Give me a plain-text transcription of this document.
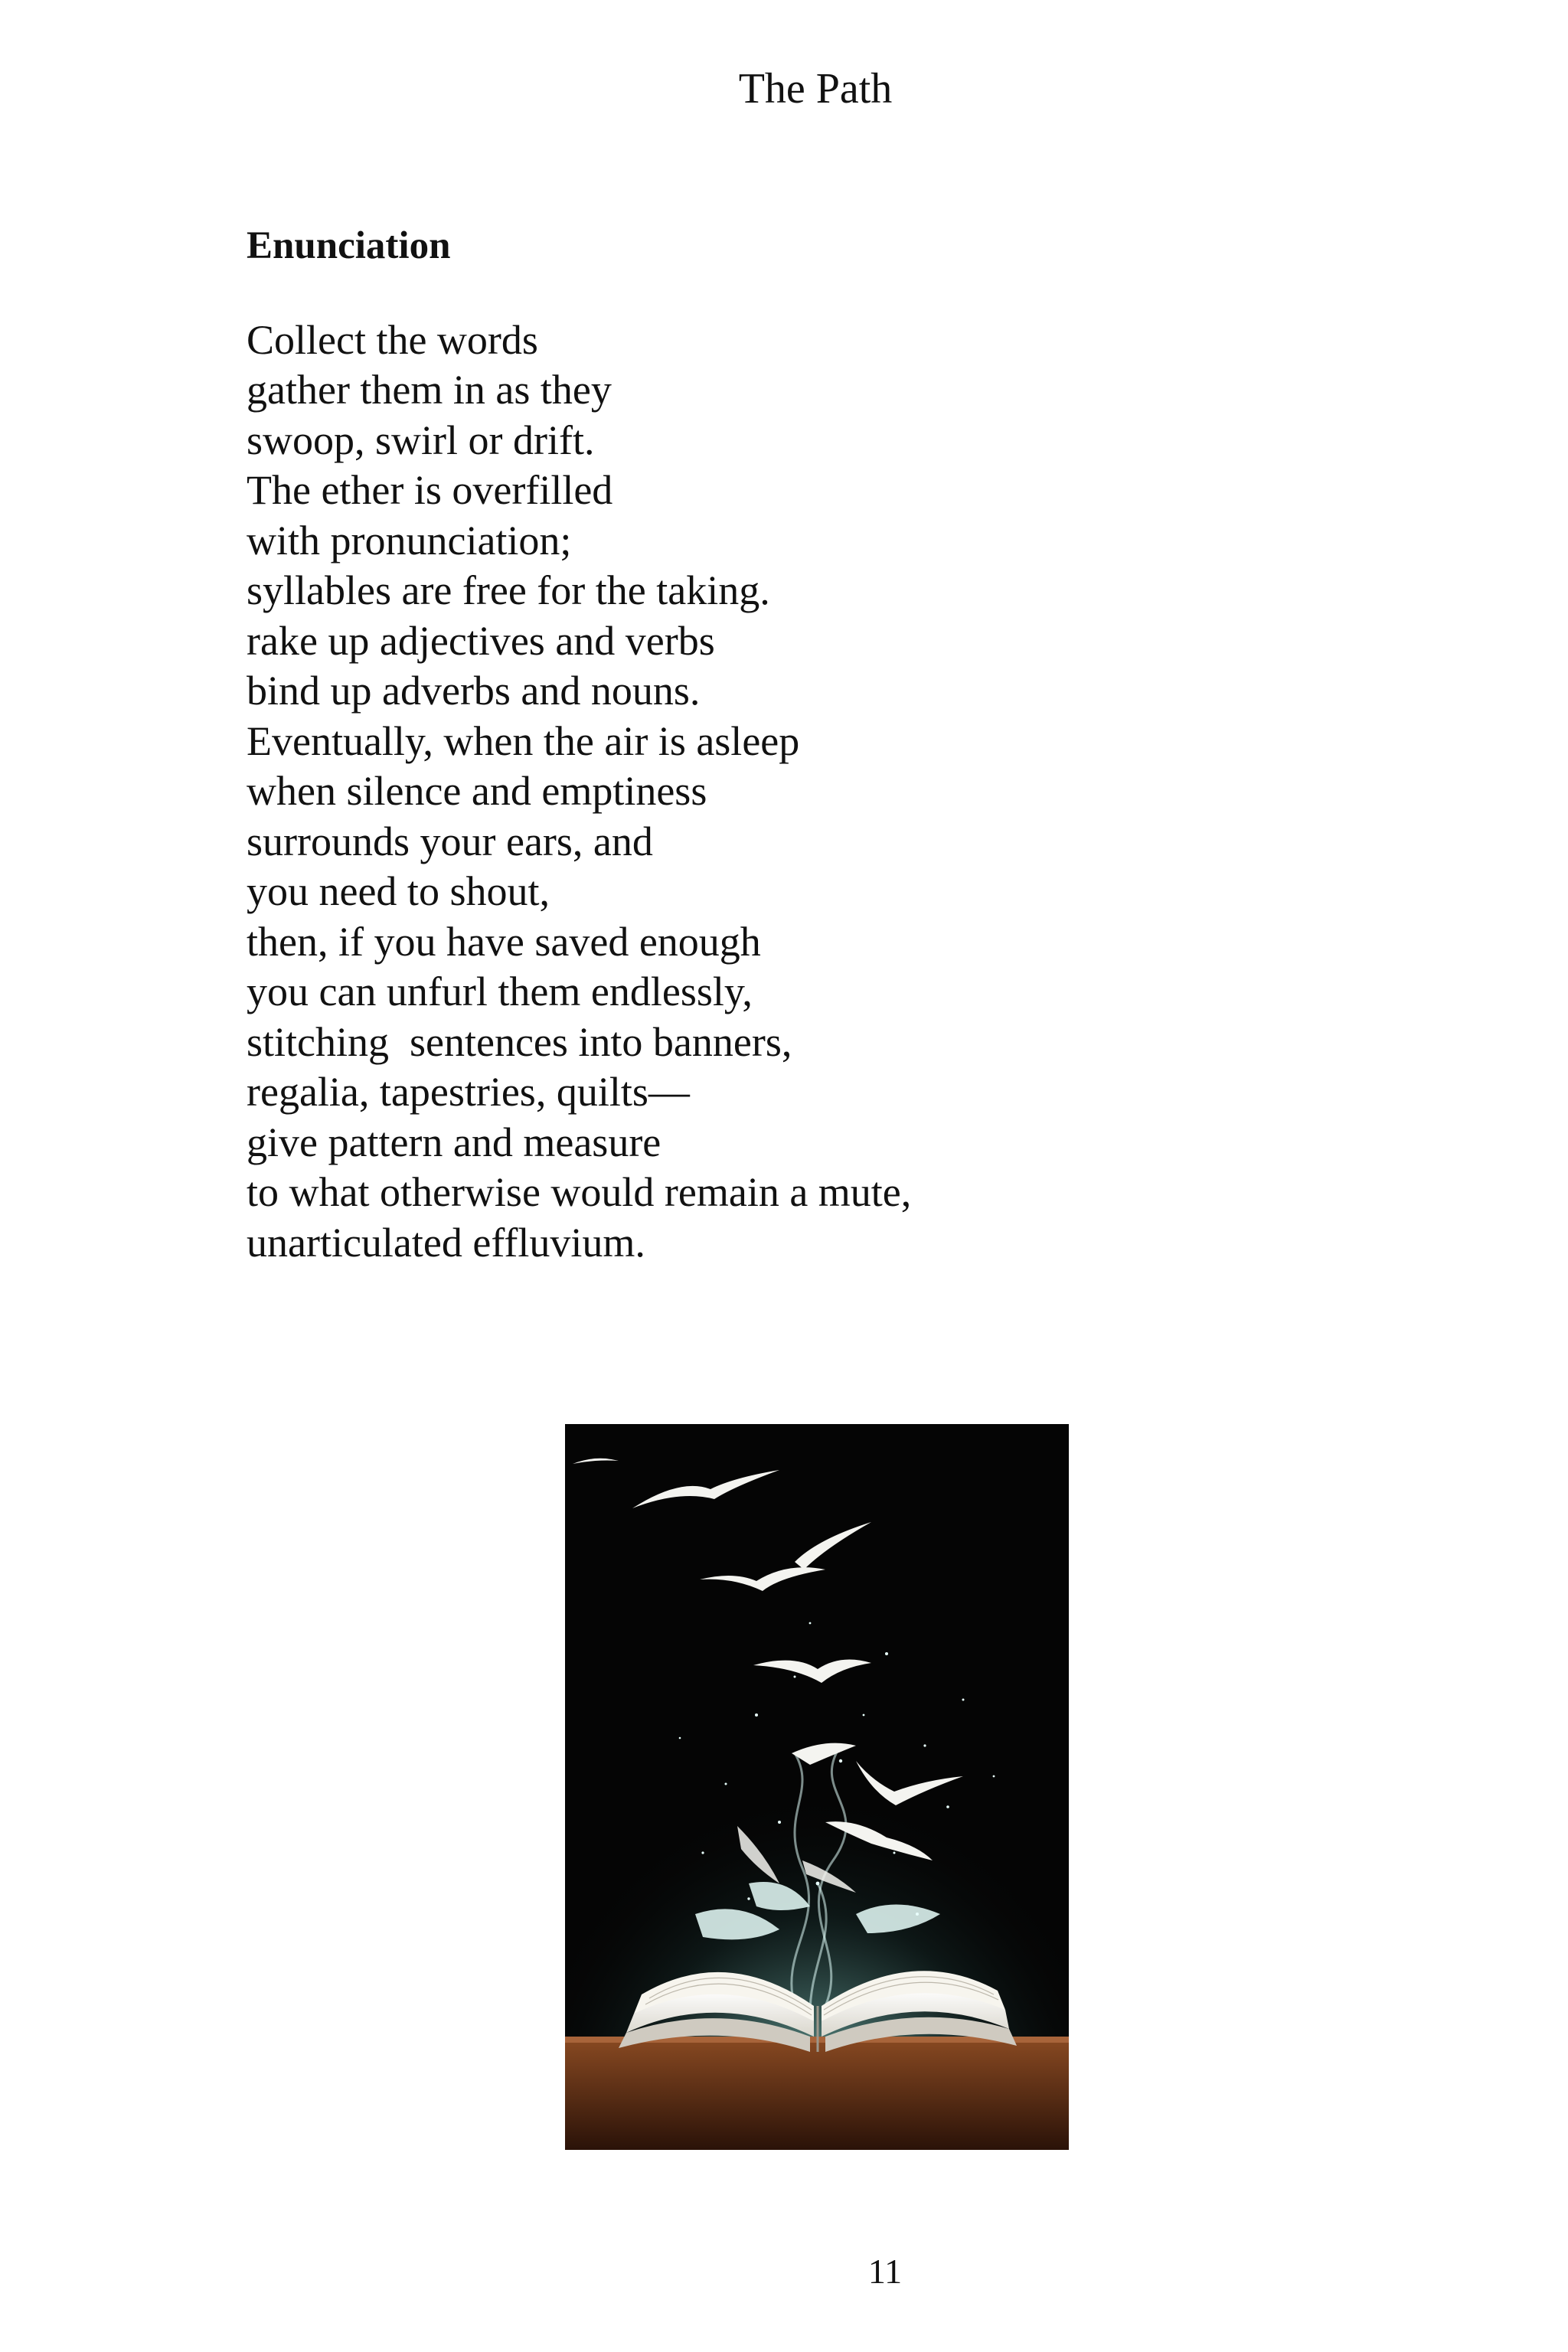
The Path
Enunciation
Collect the words
gather them in as they
swoop, swirl or drift.
The ether is overfilled
with pronunciation;
syllables are free for the taking.
rake up adjectives and verbs
bind up adverbs and nouns.
Eventually, when the air is asleep
when silence and emptiness
surrounds your ears, and
you need to shout,
then, if you have saved enough
you can unfurl them endlessly,
stitching  sentences into banners,
regalia, tapestries, quilts—
give pattern and measure
to what otherwise would remain a mute,
unarticulated effluvium.
11
